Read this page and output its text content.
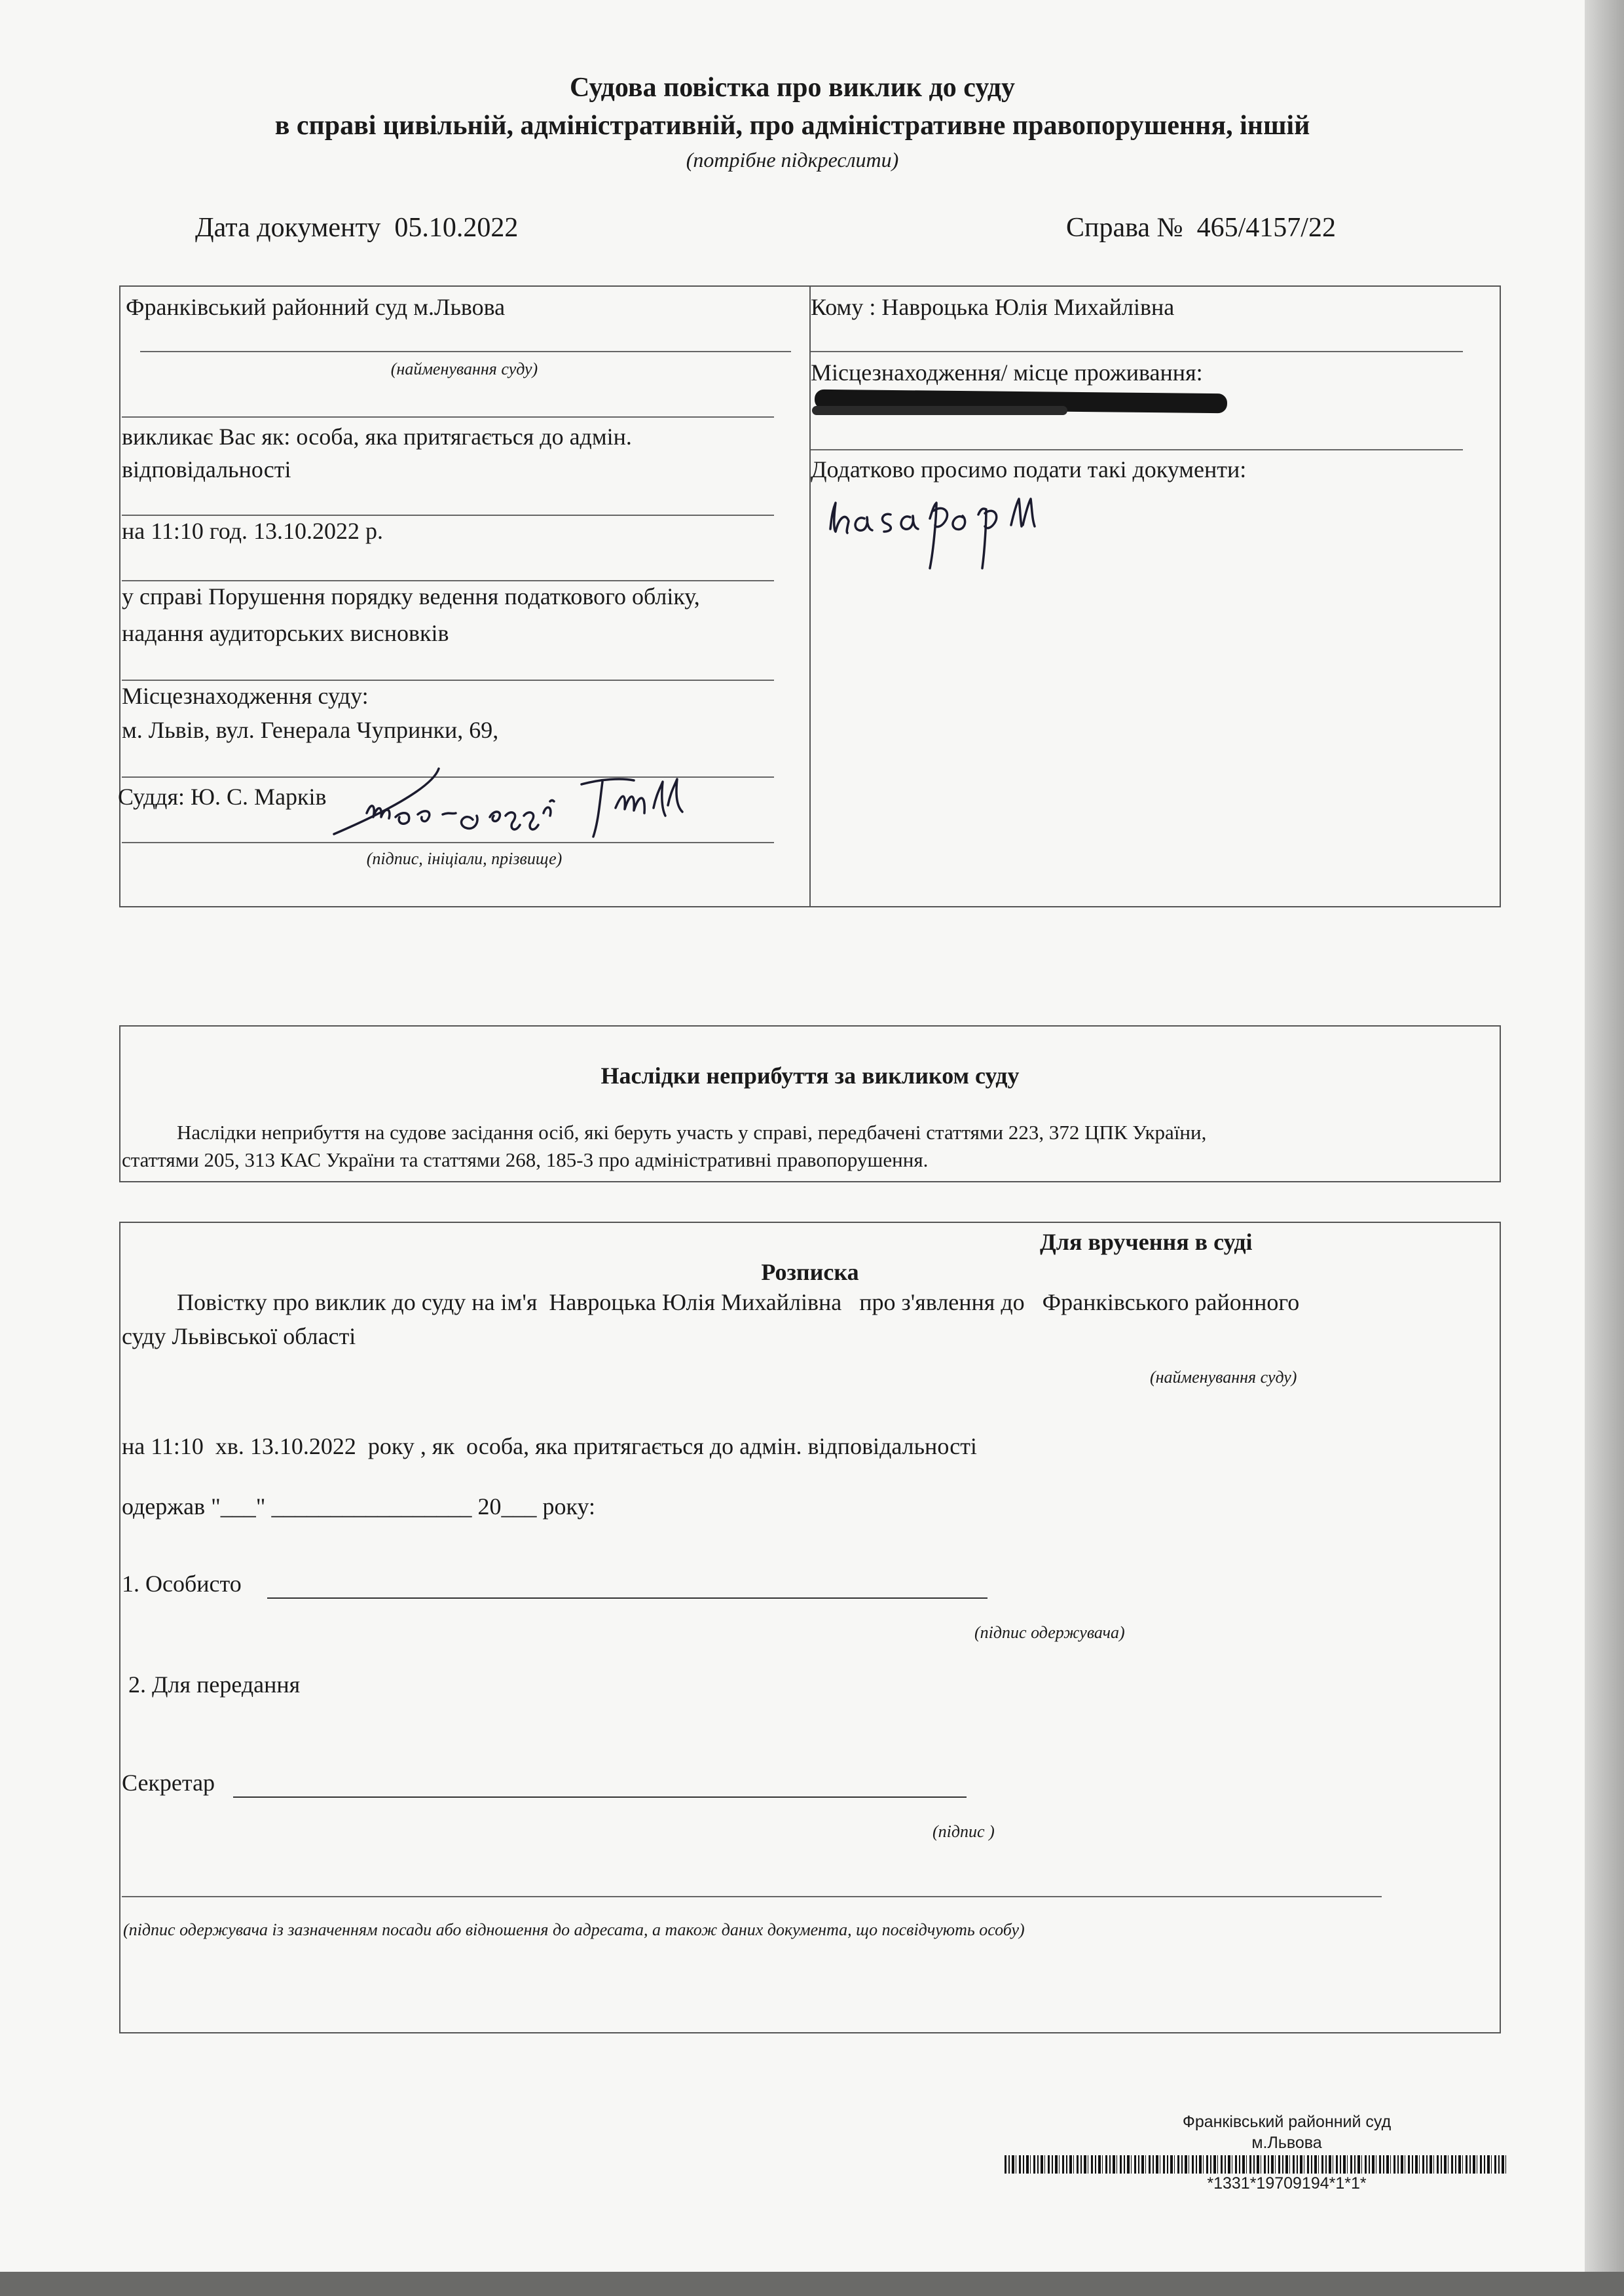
Судова повістка про виклик до суду
в справі цивільній, адміністративній, про адміністративне правопорушення, іншій
(потрібне підкреслити)
Дата документу 05.10.2022	Справа № 465/4157/22
Франківський районний суд м.Львова
(найменування суду)
викликає Вас як: особа, яка притягається до адмін.
відповідальності
на 11:10 год. 13.10.2022 р.
у справі Порушення порядку ведення податкового обліку,
надання аудиторських висновків
Місцезнаходження суду:
м. Львів, вул. Генерала Чупринки, 69,
Суддя: Ю. С. Марків	нон-судді Ітн
(підпис, ініціали, прізвище)
Кому : Навроцька Юлія Михайлівна
Місцезнаходження/ місце проживання:
Додатково просимо подати такі документи:
паспорт
Наслідки неприбуття за викликом суду
Наслідки неприбуття на судове засідання осіб, які беруть участь у справі, передбачені статтями 223, 372 ЦПК України,
статтями 205, 313 КАС України та статтями 268, 185-3 про адміністративні правопорушення.
Для вручення в суді
Розписка
Повістку про виклик до суду на ім'я  Навроцька Юлія Михайлівна   про з'явлення до   Франківського районного
суду Львівської області
(найменування суду)
на 11:10  хв. 13.10.2022  року , як  особа, яка притягається до адмін. відповідальності
одержав "___" _________________ 20___ року:
1. Особисто
(підпис одержувача)
2. Для передання
Секретар
(підпис )
(підпис одержувача із зазначенням посади або відношення до адресата, а також даних документа, що посвідчують особу)
Франківський районний суд
м.Львова
*1331*19709194*1*1*
